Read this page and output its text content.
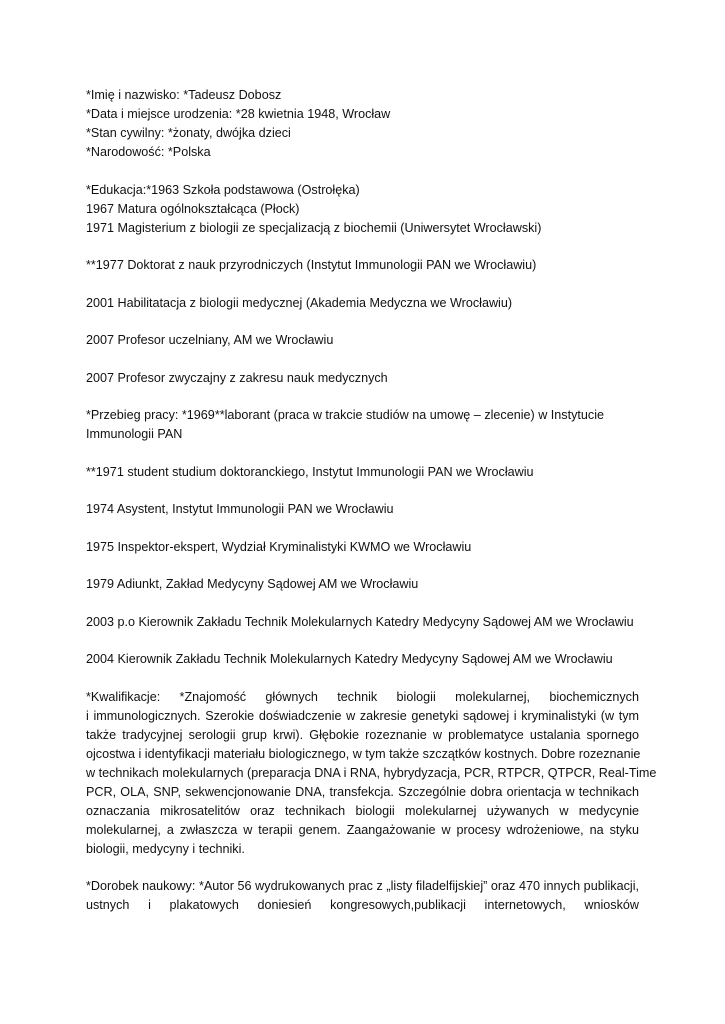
*Imię i nazwisko: *Tadeusz Dobosz
*Data i miejsce urodzenia: *28 kwietnia 1948, Wrocław
*Stan cywilny: *żonaty, dwójka dzieci
*Narodowość: *Polska
*Edukacja:*1963 Szkoła podstawowa (Ostrołęka)
1967 Matura ogólnokształcąca (Płock)
1971 Magisterium z biologii ze specjalizacją z biochemii (Uniwersytet Wrocławski)
**1977 Doktorat z nauk przyrodniczych (Instytut Immunologii PAN we Wrocławiu)
2001 Habilitatacja z biologii medycznej (Akademia Medyczna we Wrocławiu)
2007 Profesor uczelniany, AM we Wrocławiu
2007 Profesor zwyczajny z zakresu nauk medycznych
*Przebieg pracy: *1969**laborant (praca w trakcie studiów na umowę – zlecenie) w Instytucie
Immunologii PAN
**1971 student studium doktoranckiego, Instytut Immunologii PAN we Wrocławiu
1974 Asystent, Instytut Immunologii PAN we Wrocławiu
1975 Inspektor-ekspert, Wydział Kryminalistyki KWMO we Wrocławiu
1979 Adiunkt, Zakład Medycyny Sądowej AM we Wrocławiu
2003 p.o Kierownik Zakładu Technik Molekularnych Katedry Medycyny Sądowej AM we Wrocławiu
2004 Kierownik Zakładu Technik Molekularnych Katedry Medycyny Sądowej AM we Wrocławiu
*Kwalifikacje: *Znajomość głównych technik biologii molekularnej, biochemicznych
i immunologicznych. Szerokie doświadczenie w zakresie genetyki sądowej i kryminalistyki (w tym
także tradycyjnej serologii grup krwi). Głębokie rozeznanie w problematyce ustalania spornego
ojcostwa i identyfikacji materiału biologicznego, w tym także szczątków kostnych. Dobre rozeznanie
w technikach molekularnych (preparacja DNA i RNA, hybrydyzacja, PCR, RTPCR, QTPCR, Real-Time
PCR, OLA, SNP, sekwencjonowanie DNA, transfekcja. Szczególnie dobra orientacja w technikach
oznaczania mikrosatelitów oraz technikach biologii molekularnej używanych w medycynie
molekularnej, a zwłaszcza w terapii genem. Zaangażowanie w procesy wdrożeniowe, na styku
biologii, medycyny i techniki.
*Dorobek naukowy: *Autor 56 wydrukowanych prac z „listy filadelfijskiej” oraz 470 innych publikacji,
ustnych i plakatowych doniesień kongresowych,publikacji internetowych, wniosków
